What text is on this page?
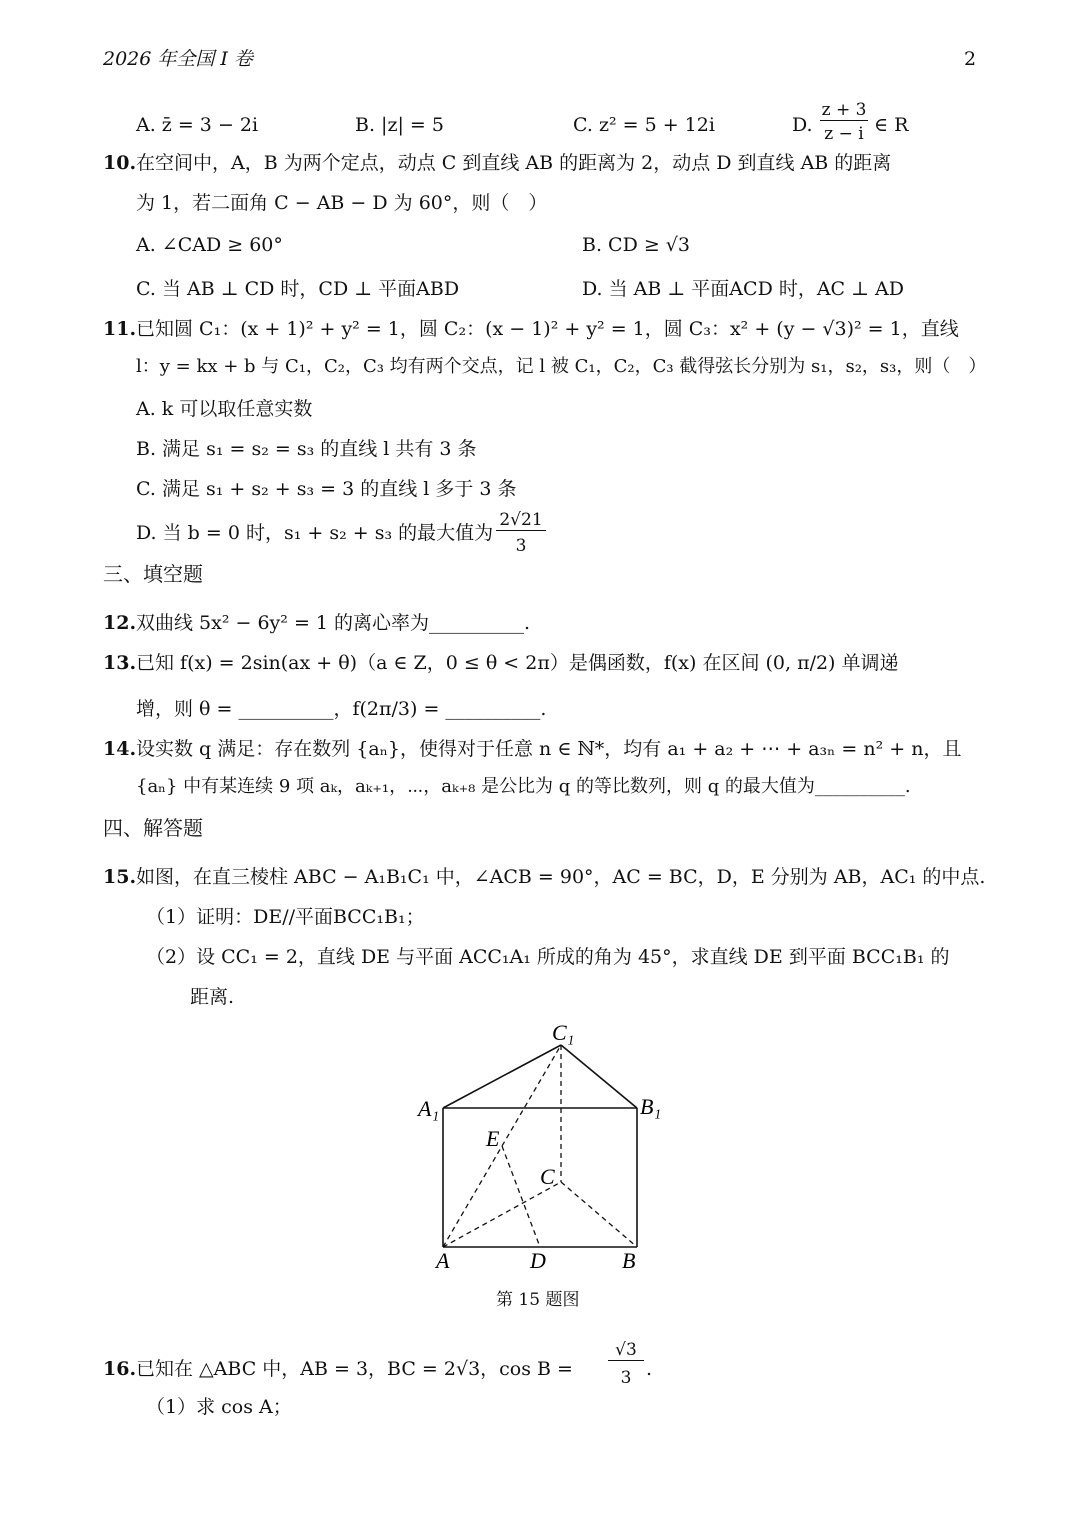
2026 年全国 I 卷	2
A. z̄ = 3 − 2i	B. |z| = 5	C. z² = 5 + 12i	D.
z + 3
z − i ∈ R
10. 在空间中，A，B 为两个定点，动点 C 到直线 AB 的距离为 2，动点 D 到直线 AB 的距离
为 1，若二面角 C − AB − D 为 60°，则（　）
A. ∠CAD ≥ 60°	B. CD ≥ √3
C. 当 AB ⊥ CD 时，CD ⊥ 平面ABD	D. 当 AB ⊥ 平面ACD 时，AC ⊥ AD
11. 已知圆 C₁：(x + 1)² + y² = 1，圆 C₂：(x − 1)² + y² = 1，圆 C₃：x² + (y − √3)² = 1，直线
l：y = kx + b 与 C₁，C₂，C₃ 均有两个交点，记 l 被 C₁，C₂，C₃ 截得弦长分别为 s₁，s₂，s₃，则（　）
A. k 可以取任意实数
B. 满足 s₁ = s₂ = s₃ 的直线 l 共有 3 条
C. 满足 s₁ + s₂ + s₃ = 3 的直线 l 多于 3 条
D. 当 b = 0 时，s₁ + s₂ + s₃ 的最大值为
2√21
3
三、填空题
12. 双曲线 5x² − 6y² = 1 的离心率为__________.
13. 已知 f(x) = 2sin(ax + θ)（a ∈ Z，0 ≤ θ < 2π）是偶函数，f(x) 在区间 (0, π/2) 单调递
增，则 θ = __________，f(2π/3) = __________.
14. 设实数 q 满足：存在数列 {aₙ}，使得对于任意 n ∈ ℕ*，均有 a₁ + a₂ + ⋯ + a₃ₙ = n² + n，且
{aₙ} 中有某连续 9 项 aₖ，aₖ₊₁，⋯，aₖ₊₈ 是公比为 q 的等比数列，则 q 的最大值为__________.
四、解答题
15. 如图，在直三棱柱 ABC − A₁B₁C₁ 中，∠ACB = 90°，AC = BC，D，E 分别为 AB，AC₁ 的中点.
（1）证明：DE//平面BCC₁B₁；
（2）设 CC₁ = 2，直线 DE 与平面 ACC₁A₁ 所成的角为 45°，求直线 DE 到平面 BCC₁B₁ 的
距离.
C₁
A₁	B₁
E
C
A	D	B
第 15 题图
16. 已知在 △ABC 中，AB = 3，BC = 2√3，cos B =
√3
3 .
（1）求 cos A；
